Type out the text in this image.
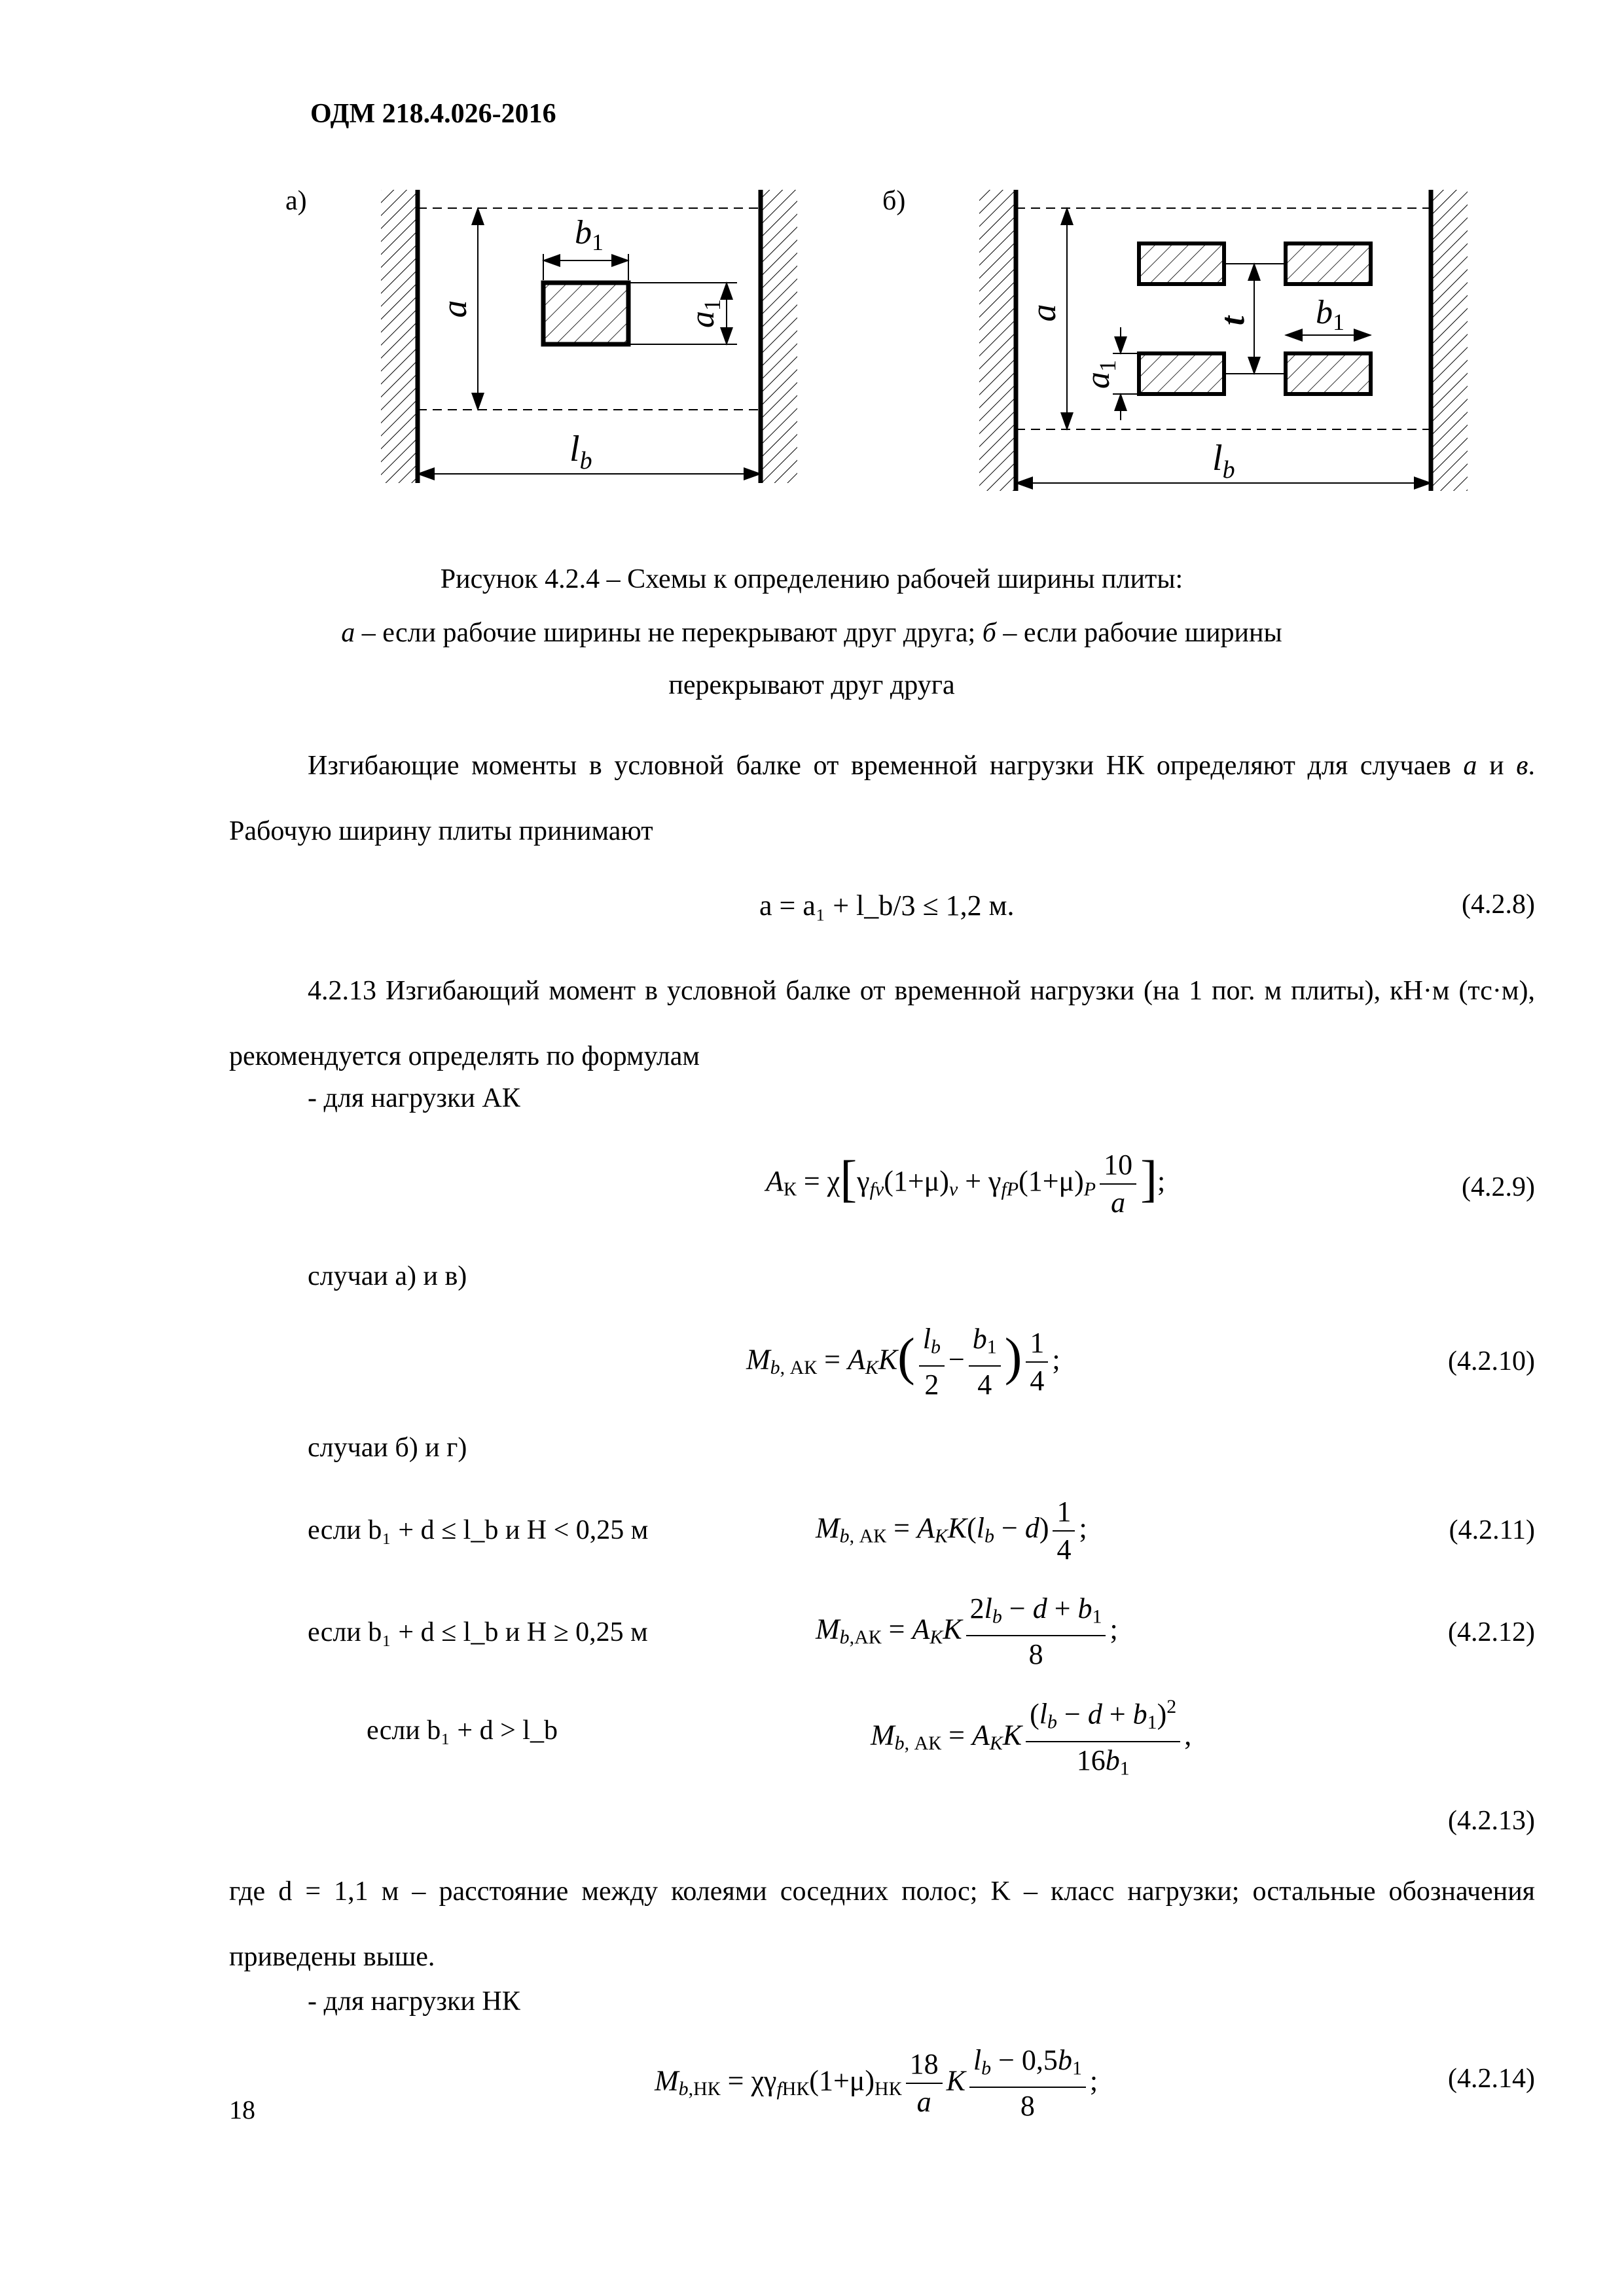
ОДМ 218.4.026-2016
а)	б)
a
b1
a1
$l_b$
a
a1
t b1
$l_b$
Рисунок 4.2.4 – Схемы к определению рабочей ширины плиты:
а – если рабочие ширины не перекрывают друг друга; б – если рабочие ширины
перекрывают друг друга
Изгибающие моменты в условной балке от временной нагрузки НК определяют для случаев а и в. Рабочую ширину плиты принимают
a = a₁ + l_b/3 ≤ 1,2 м.	(4.2.8)
4.2.13 Изгибающий момент в условной балке от временной нагрузки (на 1 пог. м плиты), кН·м (тс·м), рекомендуется определять по формулам
- для нагрузки АК
$A_К = \chi[\gamma_{fv}(1+\mu)_v + \gamma_{fP}(1+\mu)_P \frac{10}{a}$ ];	(4.2.9)
случаи а) и в)
$M_{b, АК} = A_KK( \frac{l_b}{2} - \frac{b_1}{4}$ ) $\frac{1}{4}$ ;	(4.2.10)
случаи б) и г)
если b₁ + d ≤ l_b и H < 0,25 м	$M_{b, АК} = A_KK(l_b - d) \frac{1}{4}$ ;	(4.2.11)
если b₁ + d ≤ l_b и H ≥ 0,25 м	$M_{b,АК} = A_KK \frac{2l_b - d + b_1}{8}$ ;	(4.2.12)
если b₁ + d > l_b	$M_{b, АК} = A_KK \frac{(l_b - d + b_1)^2}{16b_1}$ ,
(4.2.13)
где d = 1,1 м – расстояние между колеями соседних полос; K – класс нагрузки; остальные обозначения приведены выше.
- для нагрузки НК
$M_{b,НК} = \chi\gamma_{fНК}(1+\mu)_{НК} \frac{18}{a}$ K $\frac{l_b - 0,5b_1}{8}$ ;	(4.2.14)
18
